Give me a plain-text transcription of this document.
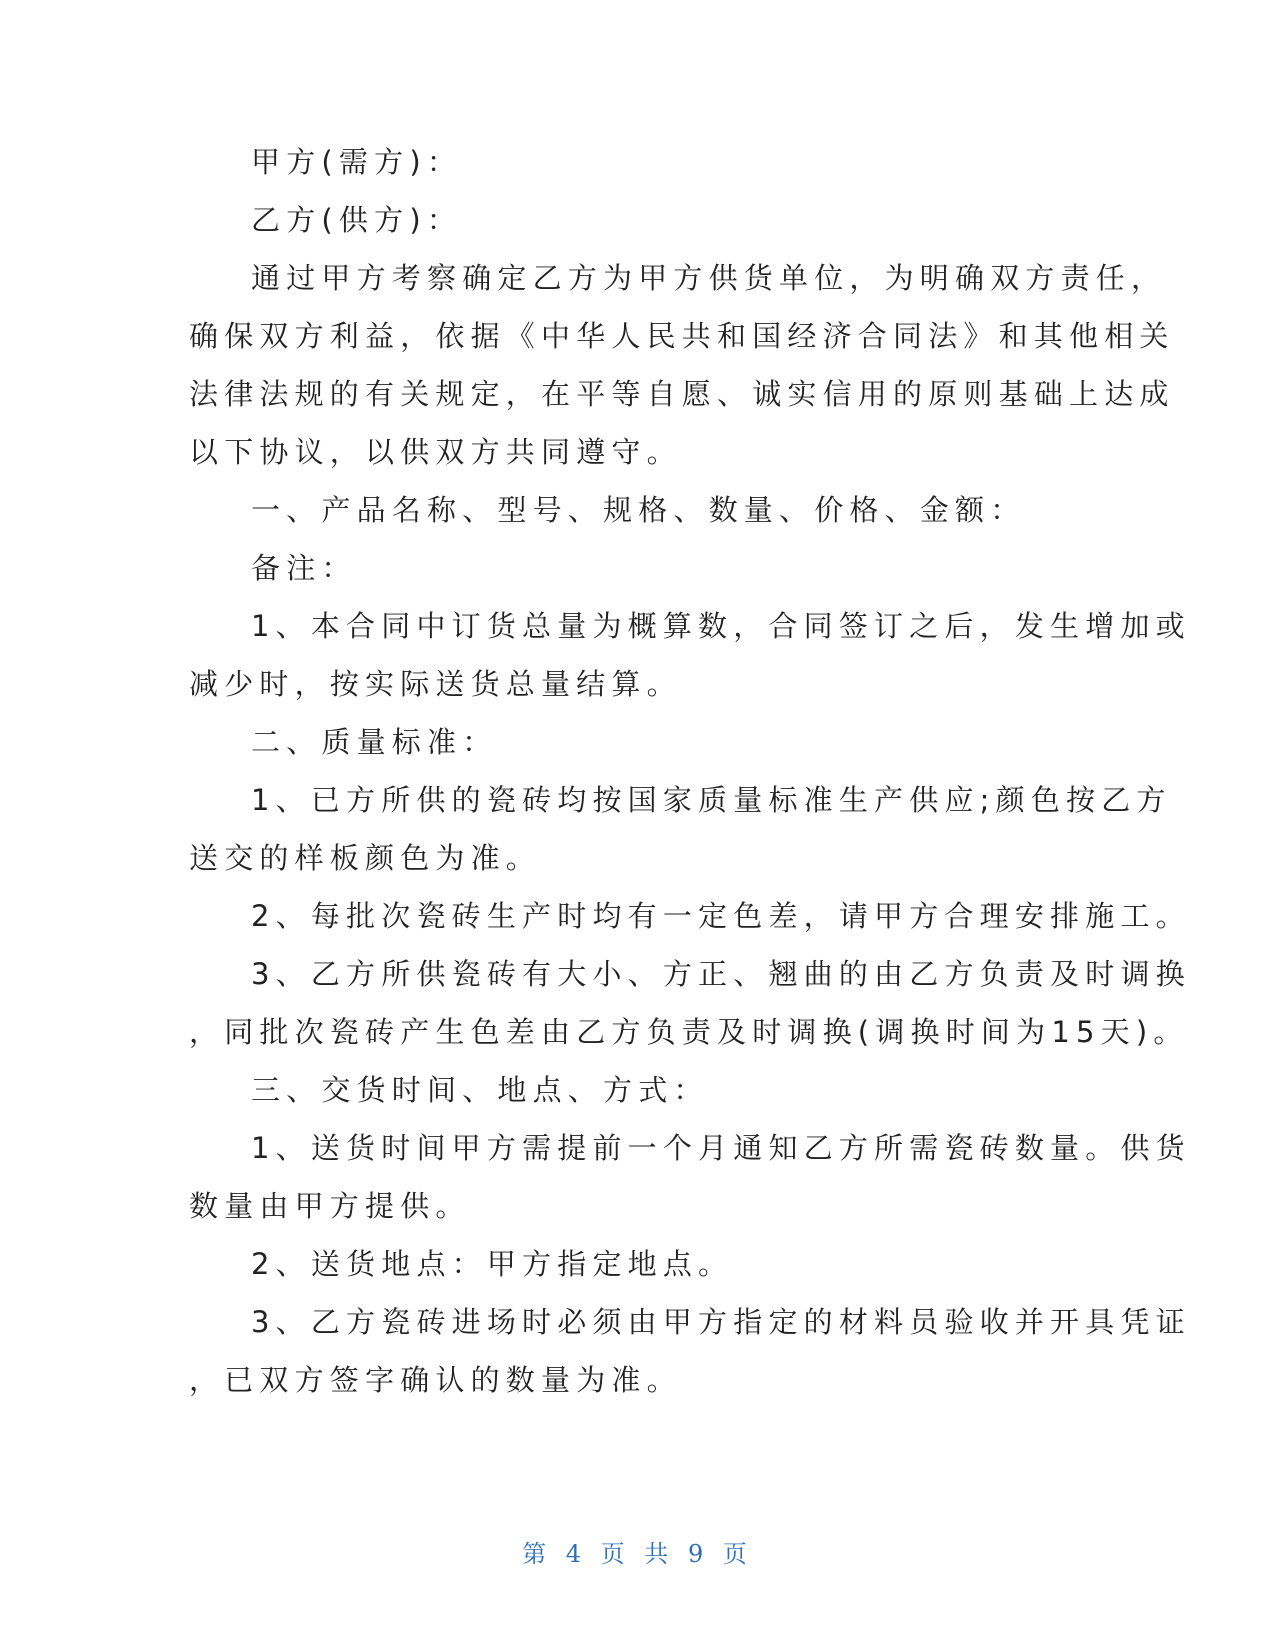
甲方(需方)：
乙方(供方)：
通过甲方考察确定乙方为甲方供货单位，为明确双方责任，
确保双方利益，依据《中华人民共和国经济合同法》和其他相关
法律法规的有关规定，在平等自愿、诚实信用的原则基础上达成
以下协议，以供双方共同遵守。
一、产品名称、型号、规格、数量、价格、金额：
备注：
1、本合同中订货总量为概算数，合同签订之后，发生增加或
减少时，按实际送货总量结算。
二、质量标准：
1、已方所供的瓷砖均按国家质量标准生产供应;颜色按乙方
送交的样板颜色为准。
2、每批次瓷砖生产时均有一定色差，请甲方合理安排施工。
3、乙方所供瓷砖有大小、方正、翘曲的由乙方负责及时调换
，同批次瓷砖产生色差由乙方负责及时调换(调换时间为15天)。
三、交货时间、地点、方式：
1、送货时间甲方需提前一个月通知乙方所需瓷砖数量。供货
数量由甲方提供。
2、送货地点：甲方指定地点。
3、乙方瓷砖进场时必须由甲方指定的材料员验收并开具凭证
，已双方签字确认的数量为准。
第 4 页 共 9 页
